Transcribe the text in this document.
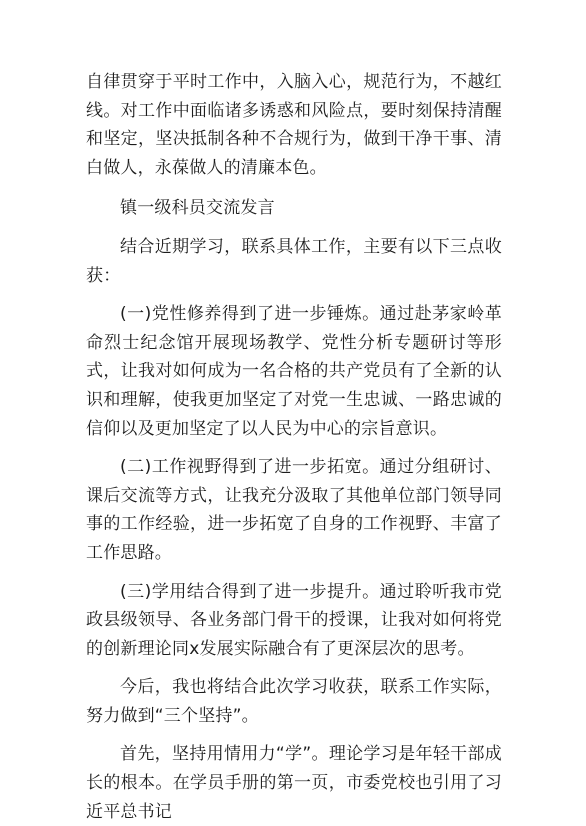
自律贯穿于平时工作中，入脑入心，规范行为，不越红线。对工作中面临诸多诱惑和风险点，要时刻保持清醒和坚定，坚决抵制各种不合规行为，做到干净干事、清白做人，永葆做人的清廉本色。

镇一级科员交流发言

结合近期学习，联系具体工作，主要有以下三点收获：

(一)党性修养得到了进一步锤炼。通过赴茅家岭革命烈士纪念馆开展现场教学、党性分析专题研讨等形式，让我对如何成为一名合格的共产党员有了全新的认识和理解，使我更加坚定了对党一生忠诚、一路忠诚的信仰以及更加坚定了以人民为中心的宗旨意识。

(二)工作视野得到了进一步拓宽。通过分组研讨、课后交流等方式，让我充分汲取了其他单位部门领导同事的工作经验，进一步拓宽了自身的工作视野、丰富了工作思路。

(三)学用结合得到了进一步提升。通过聆听我市党政县级领导、各业务部门骨干的授课，让我对如何将党的创新理论同x发展实际融合有了更深层次的思考。

今后，我也将结合此次学习收获，联系工作实际，努力做到“三个坚持”。

首先，坚持用情用力“学”。理论学习是年轻干部成长的根本。在学员手册的第一页，市委党校也引用了习近平总书记
